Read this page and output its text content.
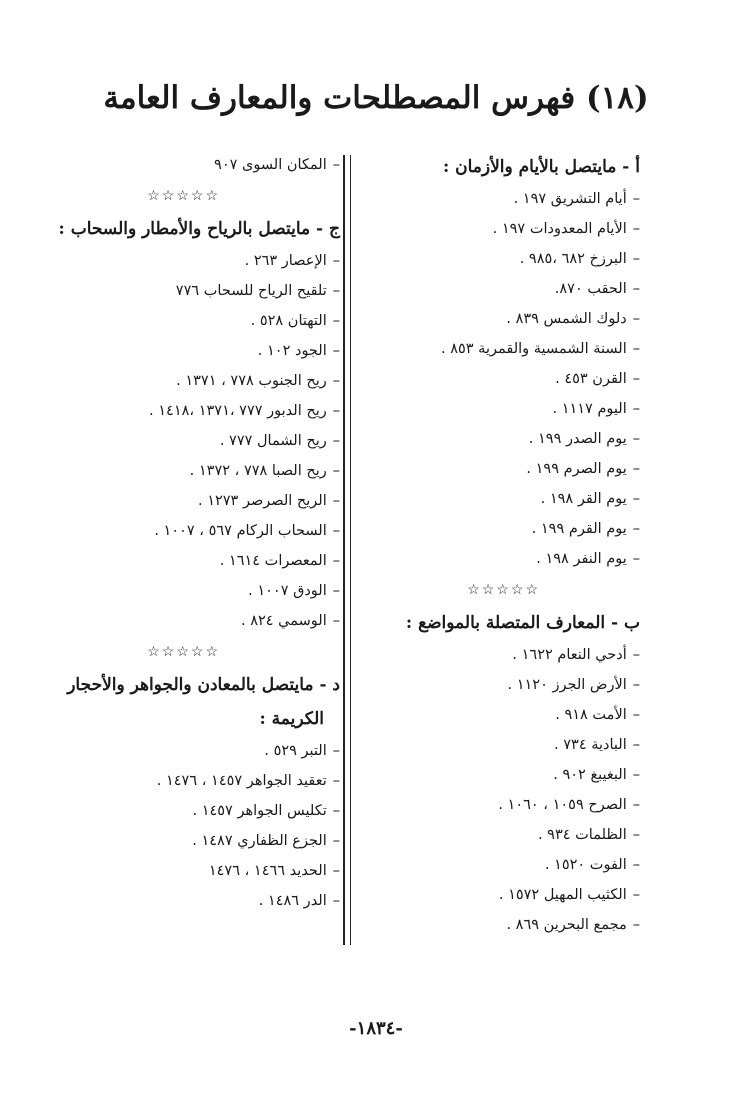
(١٨) فهرس المصطلحات والمعارف العامة
أ - مايتصل بالأيام والأزمان :
–أيام التشريق ١٩٧ .
–الأيام المعدودات ١٩٧ .
–البرزخ ٦٨٢ ،٩٨٥ .
–الحقب ٨٧٠.
–دلوك الشمس ٨٣٩ .
–السنة الشمسية والقمرية ٨٥٣ .
–القرن ٤٥٣ .
–اليوم ١١١٧ .
–يوم الصدر ١٩٩ .
–يوم الصرم ١٩٩ .
–يوم القر ١٩٨ .
–يوم القرم ١٩٩ .
–يوم النفر ١٩٨ .
☆☆☆☆☆
ب - المعارف المتصلة بالمواضع :
–أدحي النعام ١٦٢٢ .
–الأرض الجرز ١١٢٠ .
–الأمت ٩١٨ .
–البادية ٧٣٤ .
–البغيبغ ٩٠٢ .
–الصرح ١٠٥٩ ، ١٠٦٠ .
–الظلمات ٩٣٤ .
–الفوت ١٥٢٠ .
–الكثيب المهيل ١٥٧٢ .
–مجمع البحرين ٨٦٩ .
–المكان السوى ٩٠٧
☆☆☆☆☆
ج - مايتصل بالرياح والأمطار والسحاب :
–الإعصار ٢٦٣ .
–تلقيح الرياح للسحاب ٧٧٦
–التهتان ٥٢٨ .
–الجود ١٠٢ .
–ريح الجنوب ٧٧٨ ، ١٣٧١ .
–ريح الدبور ٧٧٧ ،١٣٧١ ،١٤١٨ .
–ريح الشمال ٧٧٧ .
–ريح الصبا ٧٧٨ ، ١٣٧٢ .
–الريح الصرصر ١٢٧٣ .
–السحاب الركام ٥٦٧ ، ١٠٠٧ .
–المعصرات ١٦١٤ .
–الودق ١٠٠٧ .
–الوسمي ٨٢٤ .
☆☆☆☆☆
د - مايتصل بالمعادن والجواهر والأحجار
الكريمة :
–التبر ٥٢٩ .
–تعقيد الجواهر ١٤٥٧ ، ١٤٧٦ .
–تكليس الجواهر ١٤٥٧ .
–الجزع الظفاري ١٤٨٧ .
–الحديد ١٤٦٦ ، ١٤٧٦
–الدر ١٤٨٦ .
-١٨٣٤-
